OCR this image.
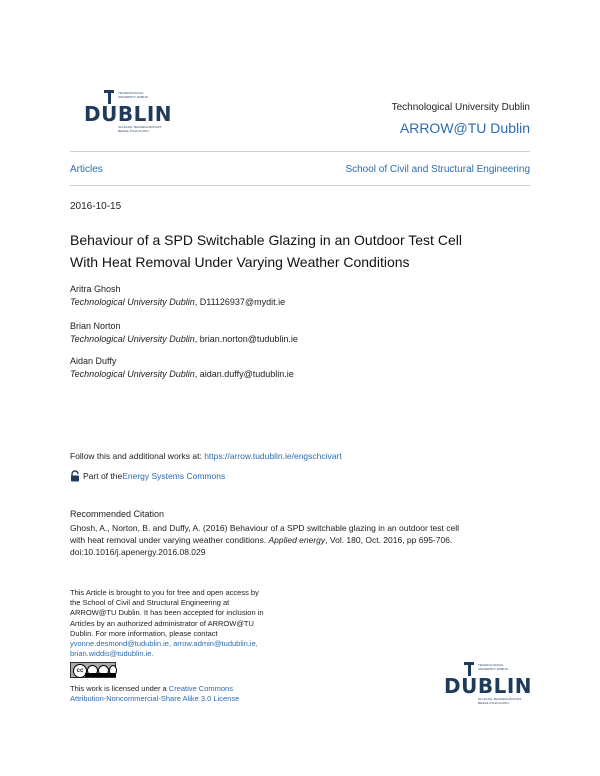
TECHNOLOGICAL
UNIVERSITY DUBLIN
DUBLIN
OLLSCOIL TEICNEOLAÍOCHTA
BHAILE ÁTHA CLIATH
Technological University Dublin
ARROW@TU Dublin
Articles	School of Civil and Structural Engineering
2016-10-15
Behaviour of a SPD Switchable Glazing in an Outdoor Test Cell
With Heat Removal Under Varying Weather Conditions
Aritra Ghosh
Technological University Dublin, D11126937@mydit.ie
Brian Norton
Technological University Dublin, brian.norton@tudublin.ie
Aidan Duffy
Technological University Dublin, aidan.duffy@tudublin.ie
Follow this and additional works at: https://arrow.tudublin.ie/engschcivart
Part of the Energy Systems Commons
Recommended Citation
Ghosh, A., Norton, B. and Duffy, A. (2016) Behaviour of a SPD switchable glazing in an outdoor test cell
with heat removal under varying weather conditions. Applied energy, Vol. 180, Oct. 2016, pp 695-706.
doi:10.1016/j.apenergy.2016.08.029
This Article is brought to you for free and open access by
the School of Civil and Structural Engineering at
ARROW@TU Dublin. It has been accepted for inclusion in
Articles by an authorized administrator of ARROW@TU
Dublin. For more information, please contact
yvonne.desmond@tudublin.ie, arrow.admin@tudublin.ie,
brian.widdis@tudublin.ie.
cc
This work is licensed under a Creative Commons
Attribution-Noncommercial-Share Alike 3.0 License
TECHNOLOGICAL
UNIVERSITY DUBLIN
DUBLIN
OLLSCOIL TEICNEOLAÍOCHTA
BHAILE ÁTHA CLIATH
